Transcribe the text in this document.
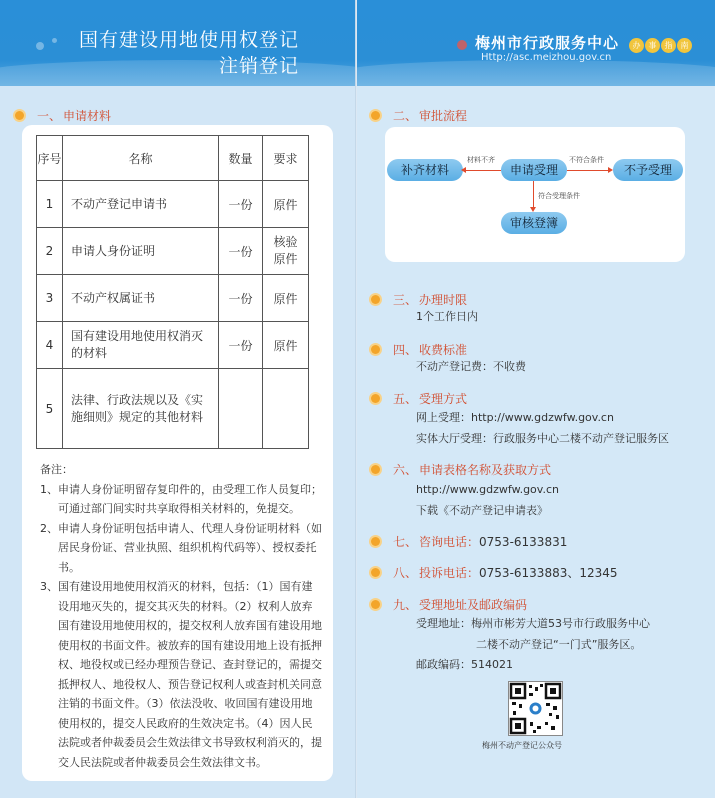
国有建设用地使用权登记
注销登记
一、 申请材料
序号	名称	数量	要求
1	不动产登记申请书	一份	原件
2	申请人身份证明	一份	核验原件
3	不动产权属证书	一份	原件
4	国有建设用地使用权消灭的材料	一份	原件
5	法律、行政法规以及《实施细则》规定的其他材料		
备注：
1、 申请人身份证明留存复印件的，由受理工作人员复印；可通过部门间实时共享取得相关材料的，免提交。
2、 申请人身份证明包括申请人、代理人身份证明材料（如居民身份证、营业执照、组织机构代码等）、授权委托书。
3、 国有建设用地使用权消灭的材料，包括：（1）国有建设用地灭失的，提交其灭失的材料。（2）权利人放弃国有建设用地使用权的，提交权利人放弃国有建设用地使用权的书面文件。被放弃的国有建设用地上设有抵押权、地役权或已经办理预告登记、查封登记的，需提交抵押权人、地役权人、预告登记权利人或查封机关同意注销的书面文件。（3）依法没收、收回国有建设用地使用权的，提交人民政府的生效决定书。（4）因人民法院或者仲裁委员会生效法律文书导致权利消灭的，提交人民法院或者仲裁委员会生效法律文书。
梅州市行政服务中心
Http://asc.meizhou.gov.cn
办	事	指	南
二、 审批流程
补齐材料	申请受理	不予受理
审核登簿
材料不齐	不符合条件
符合受理条件
三、 办理时限
1个工作日内
四、 收费标准
不动产登记费：不收费
五、 受理方式
网上受理：http://www.gdzwfw.gov.cn
实体大厅受理：行政服务中心二楼不动产登记服务区
六、 申请表格名称及获取方式
http://www.gdzwfw.gov.cn
下载《不动产登记申请表》
七、 咨询电话： 0753-6133831
八、 投诉电话： 0753-6133883、12345
九、 受理地址及邮政编码
受理地址：梅州市彬芳大道53号市行政服务中心
二楼不动产登记“一门式”服务区。
邮政编码：514021
梅州不动产登记公众号
